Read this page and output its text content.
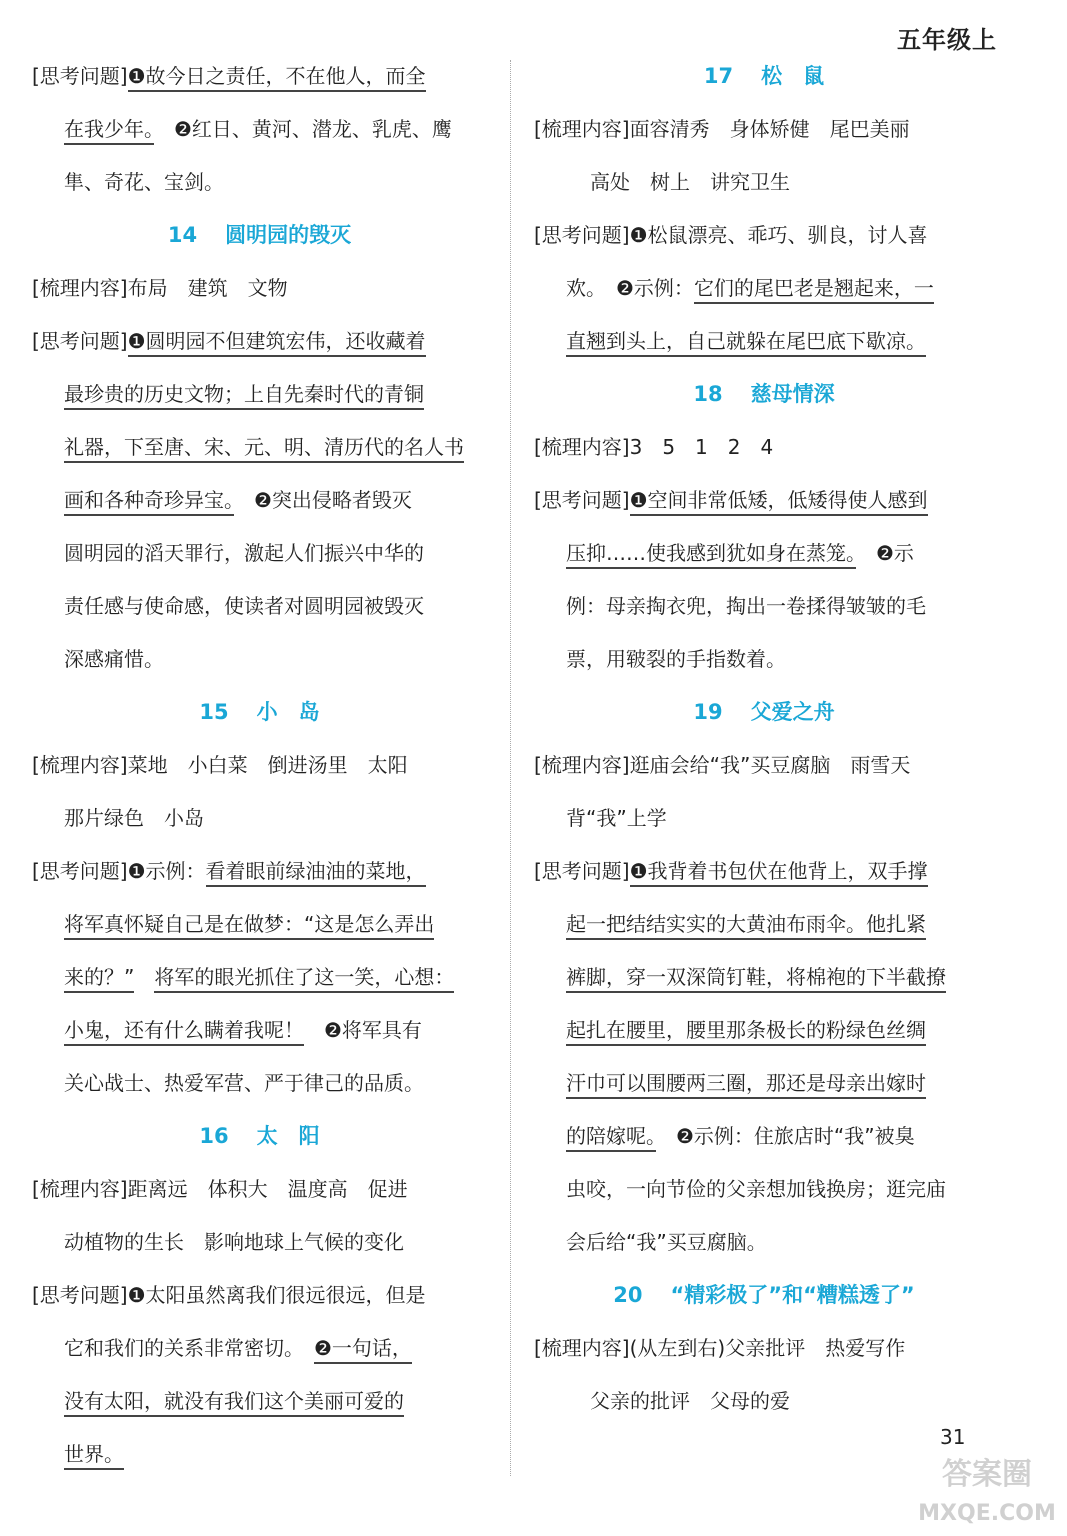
五年级上
[思考问题]❶故今日之责任，不在他人，而全
在我少年。　 ❷红日、黄河、潜龙、乳虎、鹰
隼、奇花、宝剑。
14 圆明园的毁灭
[梳理内容]布局　建筑　文物
[思考问题]❶圆明园不但建筑宏伟，还收藏着
最珍贵的历史文物；上自先秦时代的青铜
礼器，下至唐、宋、元、明、清历代的名人书
画和各种奇珍异宝。　 ❷突出侵略者毁灭
圆明园的滔天罪行，激起人们振兴中华的
责任感与使命感，使读者对圆明园被毁灭
深感痛惜。
15 小　岛
[梳理内容]菜地　小白菜　倒进汤里　太阳
那片绿色　小岛
[思考问题]❶示例：看着眼前绿油油的菜地，
将军真怀疑自己是在做梦：“这是怎么弄出
来的？”　 将军的眼光抓住了这一笑，心想：
小鬼，还有什么瞒着我呢！　 ❷将军具有
关心战士、热爱军营、严于律己的品质。
16 太　阳
[梳理内容]距离远　体积大　温度高　促进
动植物的生长　影响地球上气候的变化
[思考问题]❶太阳虽然离我们很远很远，但是
它和我们的关系非常密切。　 ❷一句话，
没有太阳，就没有我们这个美丽可爱的
世界。
17 松　鼠
[梳理内容]面容清秀　身体矫健　尾巴美丽
高处　树上　讲究卫生
[思考问题]❶松鼠漂亮、乖巧、驯良，讨人喜
欢。　 ❷示例：它们的尾巴老是翘起来，一
直翘到头上，自己就躲在尾巴底下歇凉。
18 慈母情深
[梳理内容]3　5　1　2　4
[思考问题]❶空间非常低矮，低矮得使人感到
压抑……使我感到犹如身在蒸笼。　 ❷示
例：母亲掏衣兜，掏出一卷揉得皱皱的毛
票，用皲裂的手指数着。
19 父爱之舟
[梳理内容]逛庙会给“我”买豆腐脑　雨雪天
背“我”上学
[思考问题]❶我背着书包伏在他背上，双手撑
起一把结结实实的大黄油布雨伞。他扎紧
裤脚，穿一双深筒钉鞋，将棉袍的下半截撩
起扎在腰里，腰里那条极长的粉绿色丝绸
汗巾可以围腰两三圈，那还是母亲出嫁时
的陪嫁呢。　 ❷示例：住旅店时“我”被臭
虫咬，一向节俭的父亲想加钱换房；逛完庙
会后给“我”买豆腐脑。
20 “精彩极了”和“糟糕透了”
[梳理内容](从左到右)父亲批评　热爱写作
父亲的批评　父母的爱
31
答案圈
MXQE.COM
